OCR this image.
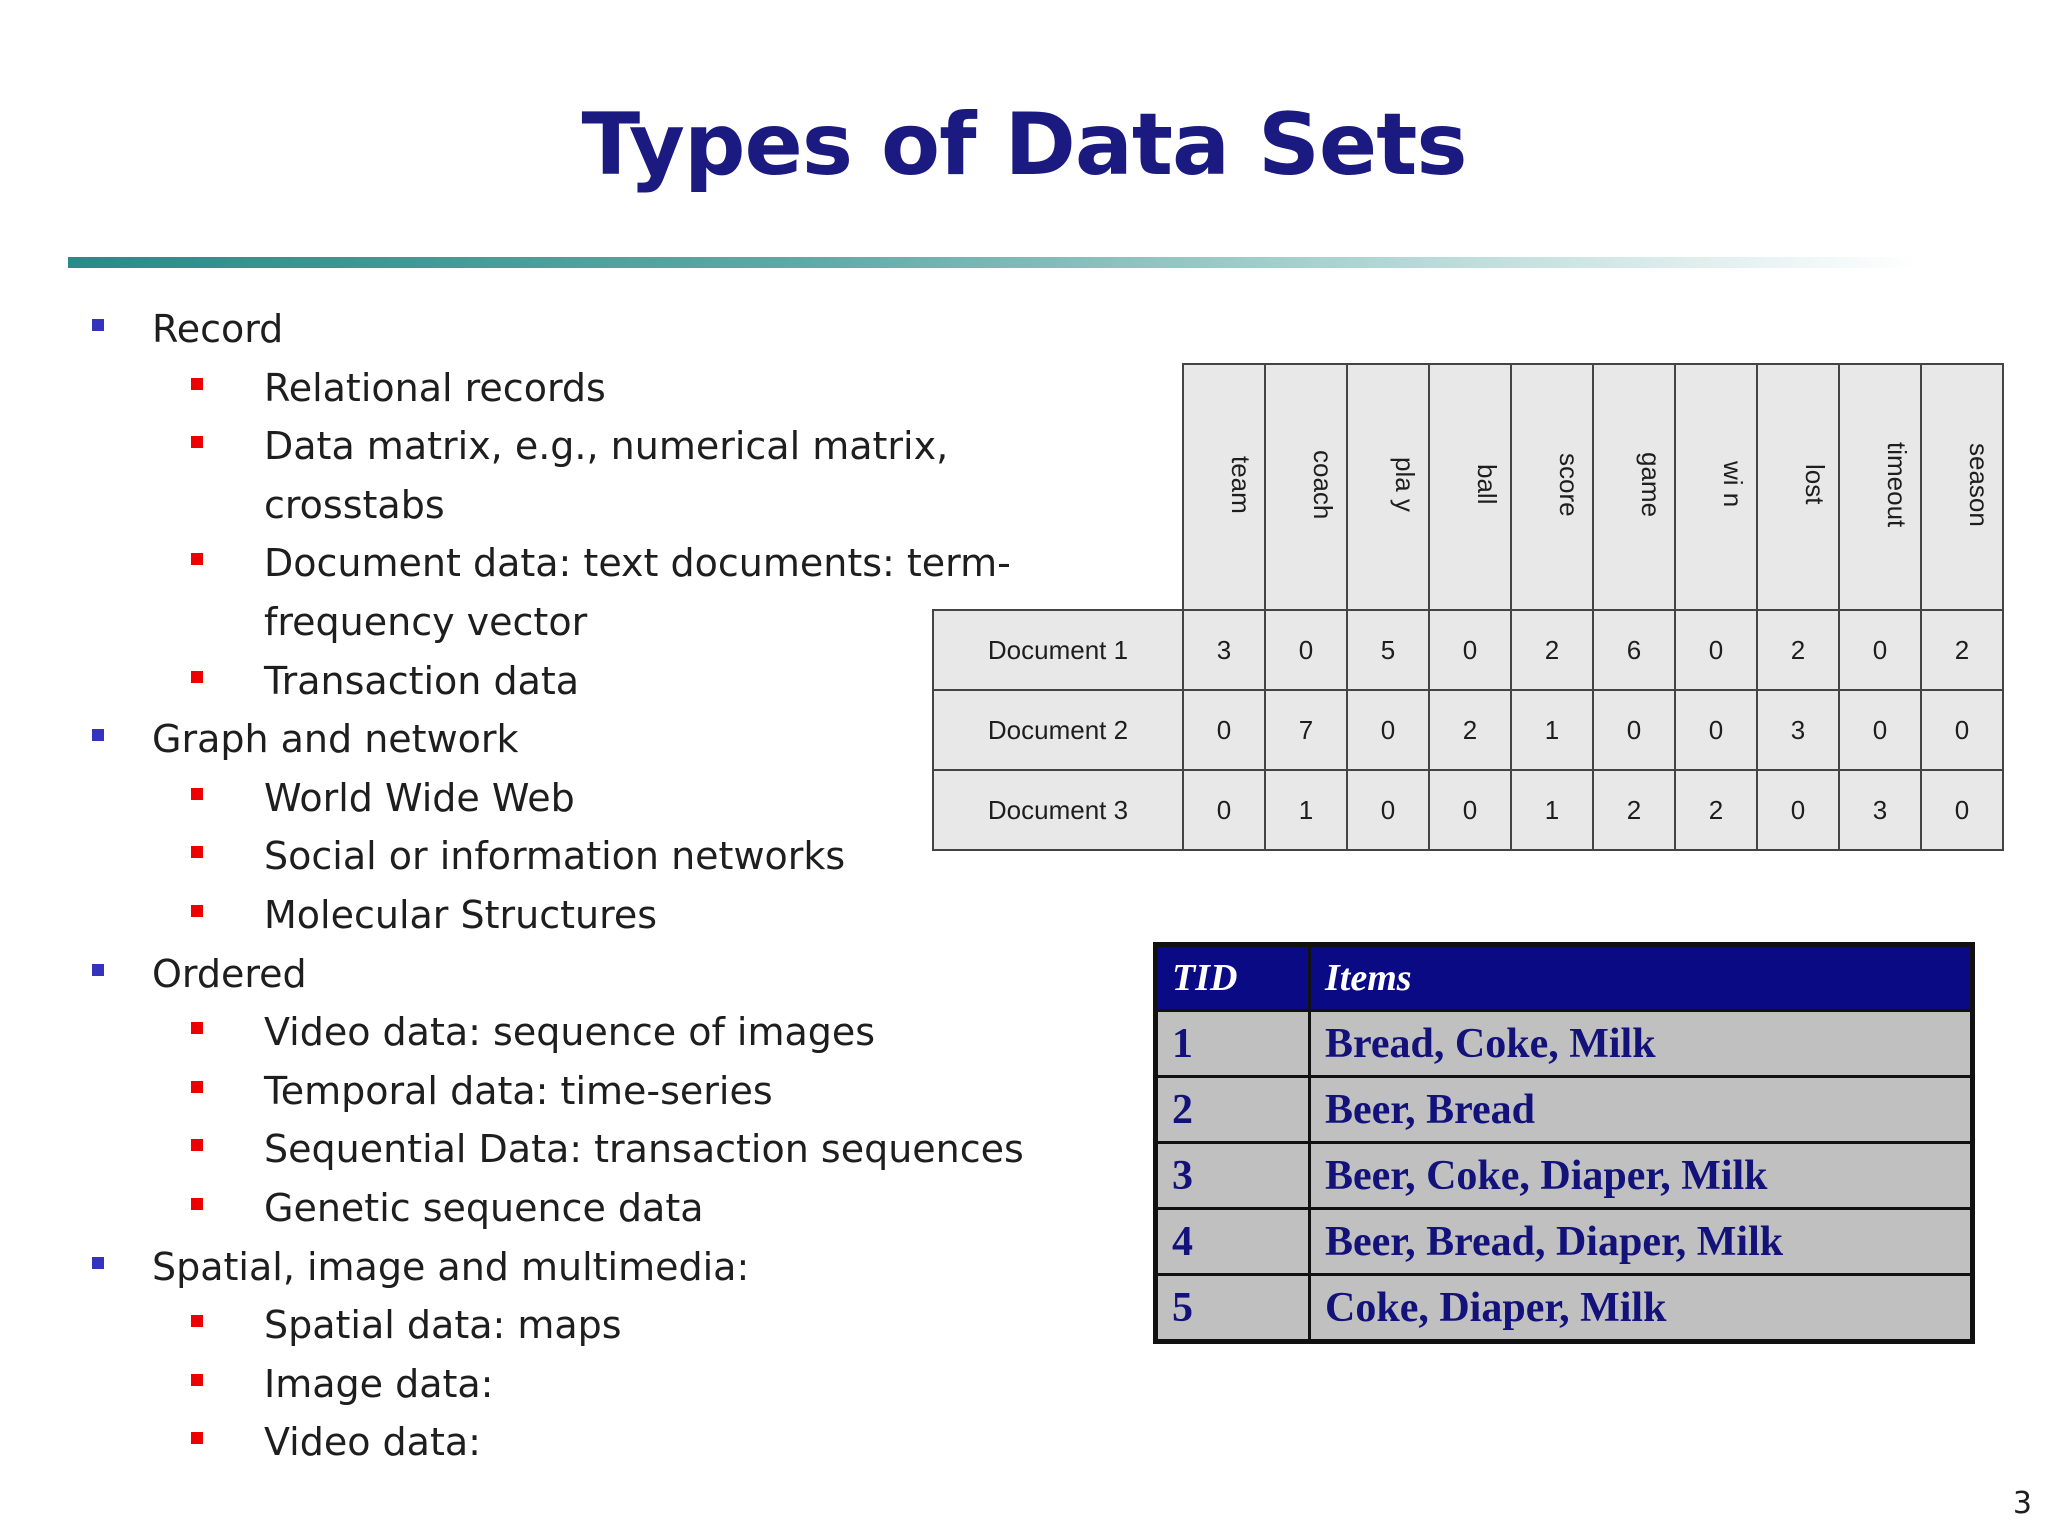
Types of Data Sets
Record
Relational records
Data matrix, e.g., numerical matrix,
crosstabs
Document data: text documents: term-
frequency vector
Transaction data
Graph and network
World Wide Web
Social or information networks
Molecular Structures
Ordered
Video data: sequence of images
Temporal data: time-series
Sequential Data: transaction sequences
Genetic sequence data
Spatial, image and multimedia:
Spatial data: maps
Image data:
Video data:
	team	coach	pla y	ball	score	game	wi n	lost	timeout	season
Document 1	3	0	5	0	2	6	0	2	0	2
Document 2	0	7	0	2	1	0	0	3	0	0
Document 3	0	1	0	0	1	2	2	0	3	0
TID	Items
1	Bread, Coke, Milk
2	Beer, Bread
3	Beer, Coke, Diaper, Milk
4	Beer, Bread, Diaper, Milk
5	Coke, Diaper, Milk
3
